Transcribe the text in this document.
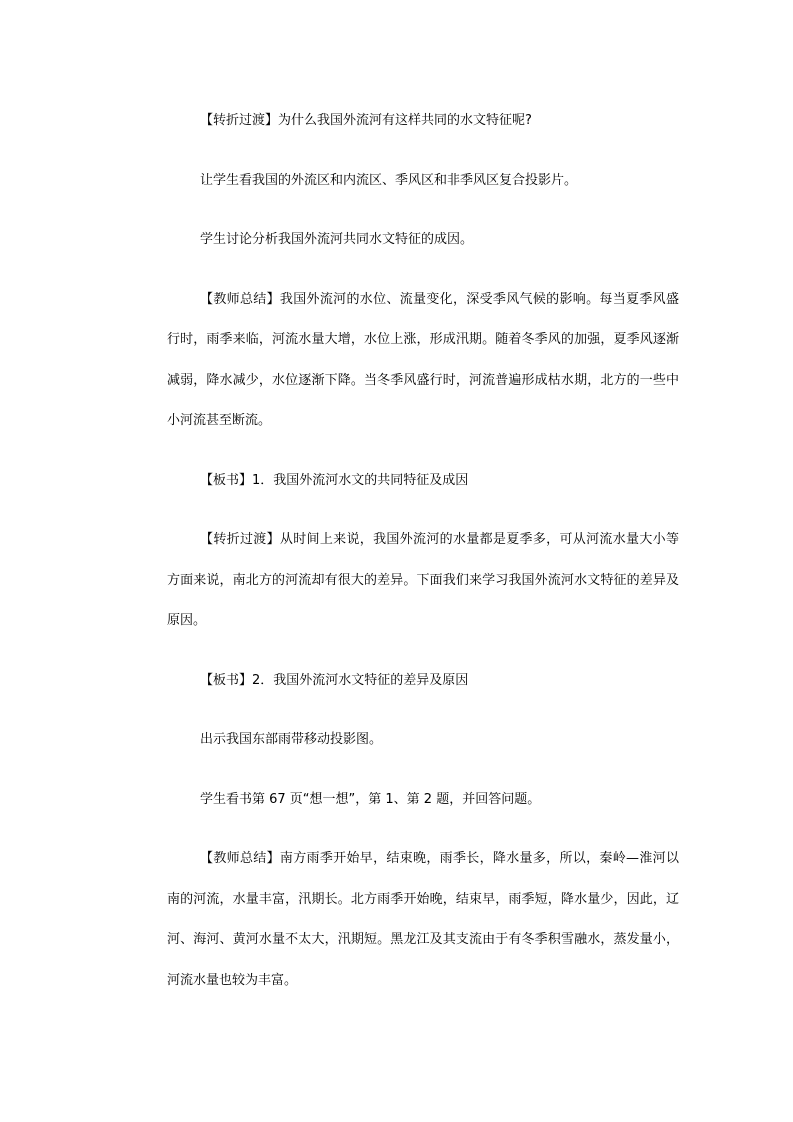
【转折过渡】为什么我国外流河有这样共同的水文特征呢?

让学生看我国的外流区和内流区、季风区和非季风区复合投影片。

学生讨论分析我国外流河共同水文特征的成因。

【教师总结】我国外流河的水位、流量变化，深受季风气候的影响。每当夏季风盛行时，雨季来临，河流水量大增，水位上涨，形成汛期。随着冬季风的加强，夏季风逐渐减弱，降水减少，水位逐渐下降。当冬季风盛行时，河流普遍形成枯水期，北方的一些中小河流甚至断流。

【板书】1．我国外流河水文的共同特征及成因

【转折过渡】从时间上来说，我国外流河的水量都是夏季多，可从河流水量大小等方面来说，南北方的河流却有很大的差异。下面我们来学习我国外流河水文特征的差异及原因。

【板书】2．我国外流河水文特征的差异及原因

出示我国东部雨带移动投影图。

学生看书第 67 页“想一想”，第 1、第 2 题，并回答问题。

【教师总结】南方雨季开始早，结束晚，雨季长，降水量多，所以，秦岭—淮河以南的河流，水量丰富，汛期长。北方雨季开始晚，结束早，雨季短，降水量少，因此，辽河、海河、黄河水量不太大，汛期短。黑龙江及其支流由于有冬季积雪融水，蒸发量小，河流水量也较为丰富。
